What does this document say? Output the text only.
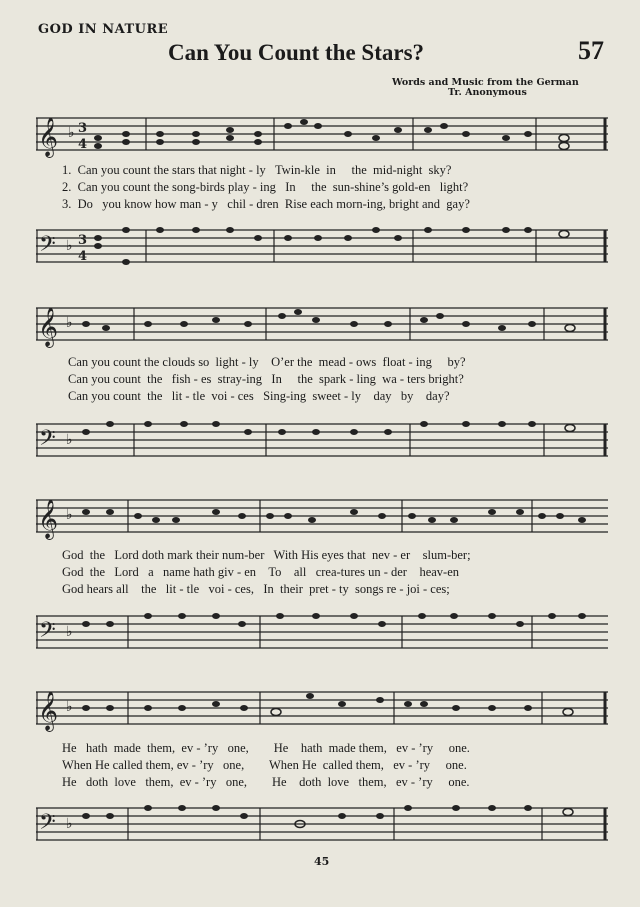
GOD IN NATURE
Can You Count the Stars?	57
Words and Music from the German
Tr. Anonymous
𝄞 ♭ 3
4
1.  Can you count the stars that night - ly   Twin-kle  in     the  mid-night  sky?
2.  Can you count the song-birds play - ing   In     the  sun-shine’s gold-en   light?
3.  Do   you know how man - y   chil - dren  Rise each morn-ing, bright and  gay?
𝄢 ♭ 3
4
𝄞 ♭
Can you count the clouds so  light - ly    O’er the  mead - ows  float - ing     by?
Can you count  the   fish - es  stray-ing   In     the  spark - ling  wa - ters bright?
Can you count  the   lit - tle  voi - ces   Sing-ing  sweet - ly    day   by    day?
𝄢 ♭
𝄞 ♭
God  the   Lord doth mark their num-ber   With His eyes that  nev - er    slum-ber;
God  the   Lord   a   name hath giv - en    To    all   crea-tures un - der    heav-en
God hears all    the   lit - tle   voi - ces,   In  their  pret - ty  songs re - joi - ces;
𝄢 ♭
𝄞 ♭
He   hath  made  them,  ev - ’ry   one,        He    hath  made them,   ev - ’ry     one.
When He called them, ev - ’ry   one,        When He  called them,   ev - ’ry     one.
He   doth  love   them,  ev - ’ry   one,        He    doth  love   them,   ev - ’ry     one.
𝄢 ♭
45
